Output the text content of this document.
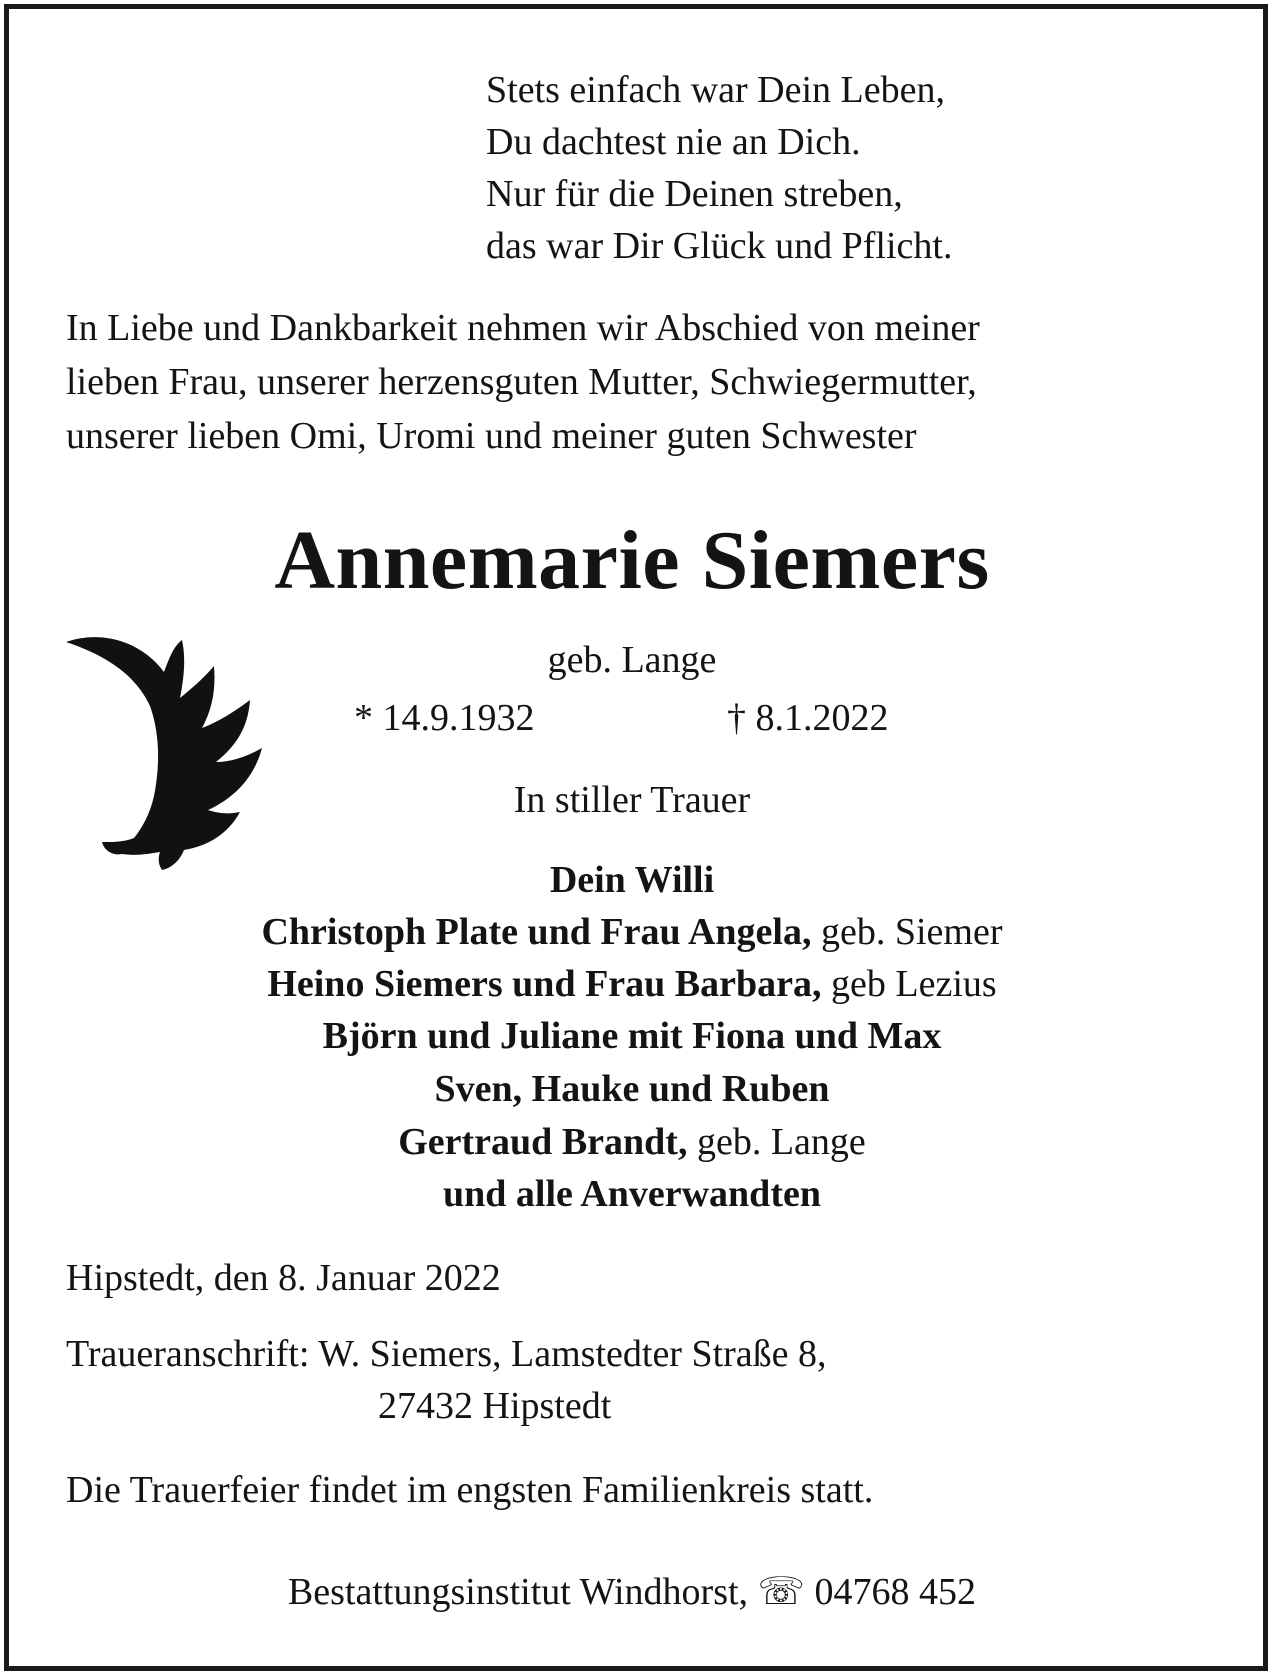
Stets einfach war Dein Leben,
Du dachtest nie an Dich.
Nur für die Deinen streben,
das war Dir Glück und Pflicht.
In Liebe und Dankbarkeit nehmen wir Abschied von meiner
lieben Frau, unserer herzensguten Mutter, Schwiegermutter,
unserer lieben Omi, Uromi und meiner guten Schwester
Annemarie Siemers
geb. Lange
* 14.9.1932	† 8.1.2022
In stiller Trauer
Dein Willi
Christoph Plate und Frau Angela, geb. Siemer
Heino Siemers und Frau Barbara, geb Lezius
Björn und Juliane mit Fiona und Max
Sven, Hauke und Ruben
Gertraud Brandt, geb. Lange
und alle Anverwandten
Hipstedt, den 8. Januar 2022
Traueranschrift: W. Siemers, Lamstedter Straße 8,
27432 Hipstedt
Die Trauerfeier findet im engsten Familienkreis statt.
Bestattungsinstitut Windhorst, ☏ 04768 452
